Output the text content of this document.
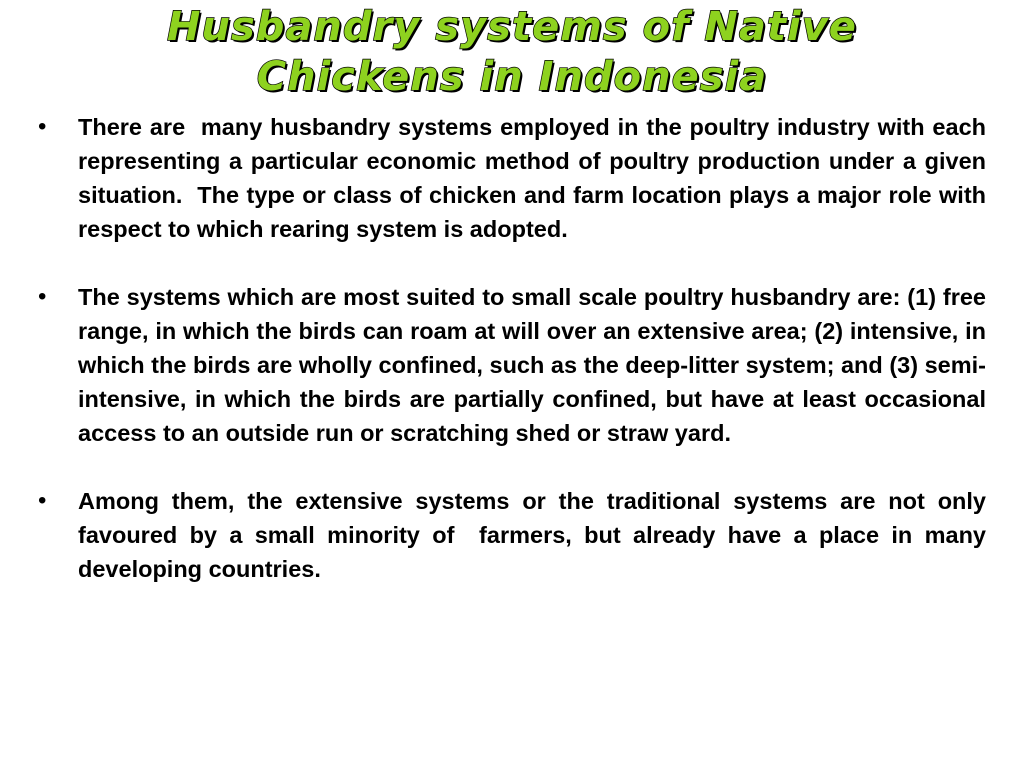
Husbandry systems of Native
Chickens in Indonesia
• There are  many husbandry systems employed in the poultry industry with each representing a particular economic method of poultry production under a given situation.  The type or class of chicken and farm location plays a major role with respect to which rearing system is adopted.
• The systems which are most suited to small scale poultry husbandry are: (1) free range, in which the birds can roam at will over an extensive area; (2) intensive, in which the birds are wholly confined, such as the deep-litter system; and (3) semi-intensive, in which the birds are partially confined, but have at least occasional access to an outside run or scratching shed or straw yard.
• Among them, the extensive systems or the traditional systems are not only favoured by a small minority of  farmers, but already have a place in many developing countries.
